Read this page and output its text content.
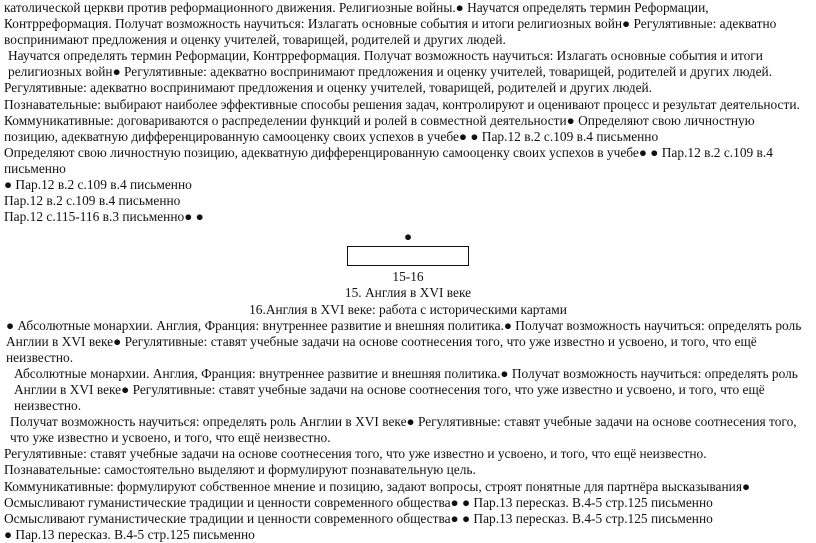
католической церкви против реформационного движения. Религиозные войны.● Научатся определять термин Реформации, Контрреформация. Получат возможность научиться: Излагать основные события и итоги религиозных войн● Регулятивные: адекватно воспринимают предложения и оценку учителей, товарищей, родителей и других людей.

Научатся определять термин Реформации, Контрреформация. Получат возможность научиться: Излагать основные события и итоги религиозных войн● Регулятивные: адекватно воспринимают предложения и оценку учителей, товарищей, родителей и других людей.

Регулятивные: адекватно воспринимают предложения и оценку учителей, товарищей, родителей и других людей.

Познавательные: выбирают наиболее эффективные способы решения задач, контролируют и оценивают процесс и результат деятельности.

Коммуникативные: договариваются о распределении функций и ролей в совместной деятельности● Определяют свою личностную позицию, адекватную дифференцированную самооценку своих успехов в учебе● ● Пар.12 в.2 с.109 в.4 письменно

Определяют свою личностную позицию, адекватную дифференцированную самооценку своих успехов в учебе● ● Пар.12 в.2 с.109 в.4 письменно

● Пар.12 в.2 с.109 в.4 письменно

Пар.12 в.2 с.109 в.4 письменно

Пар.12 с.115-116 в.3 письменно● ●

●

15-16

15. Англия в XVI веке

16.Англия в XVI веке: работа с историческими картами

● Абсолютные монархии. Англия, Франция: внутреннее развитие и внешняя политика.● Получат возможность научиться: определять роль Англии в XVI веке● Регулятивные: ставят учебные задачи на основе соотнесения того, что уже известно и усвоено, и того, что ещё неизвестно.

Абсолютные монархии. Англия, Франция: внутреннее развитие и внешняя политика.● Получат возможность научиться: определять роль Англии в XVI веке● Регулятивные: ставят учебные задачи на основе соотнесения того, что уже известно и усвоено, и того, что ещё неизвестно.

Получат возможность научиться: определять роль Англии в XVI веке● Регулятивные: ставят учебные задачи на основе соотнесения того, что уже известно и усвоено, и того, что ещё неизвестно.

Регулятивные: ставят учебные задачи на основе соотнесения того, что уже известно и усвоено, и того, что ещё неизвестно.

Познавательные: самостоятельно выделяют и формулируют познавательную цель.

Коммуникативные: формулируют собственное мнение и позицию, задают вопросы, строят понятные для партнёра высказывания● Осмысливают гуманистические традиции и ценности современного общества● ● Пар.13 пересказ. В.4-5 стр.125 письменно

Осмысливают гуманистические традиции и ценности современного общества● ● Пар.13 пересказ. В.4-5 стр.125 письменно

● Пар.13 пересказ. В.4-5 стр.125 письменно
